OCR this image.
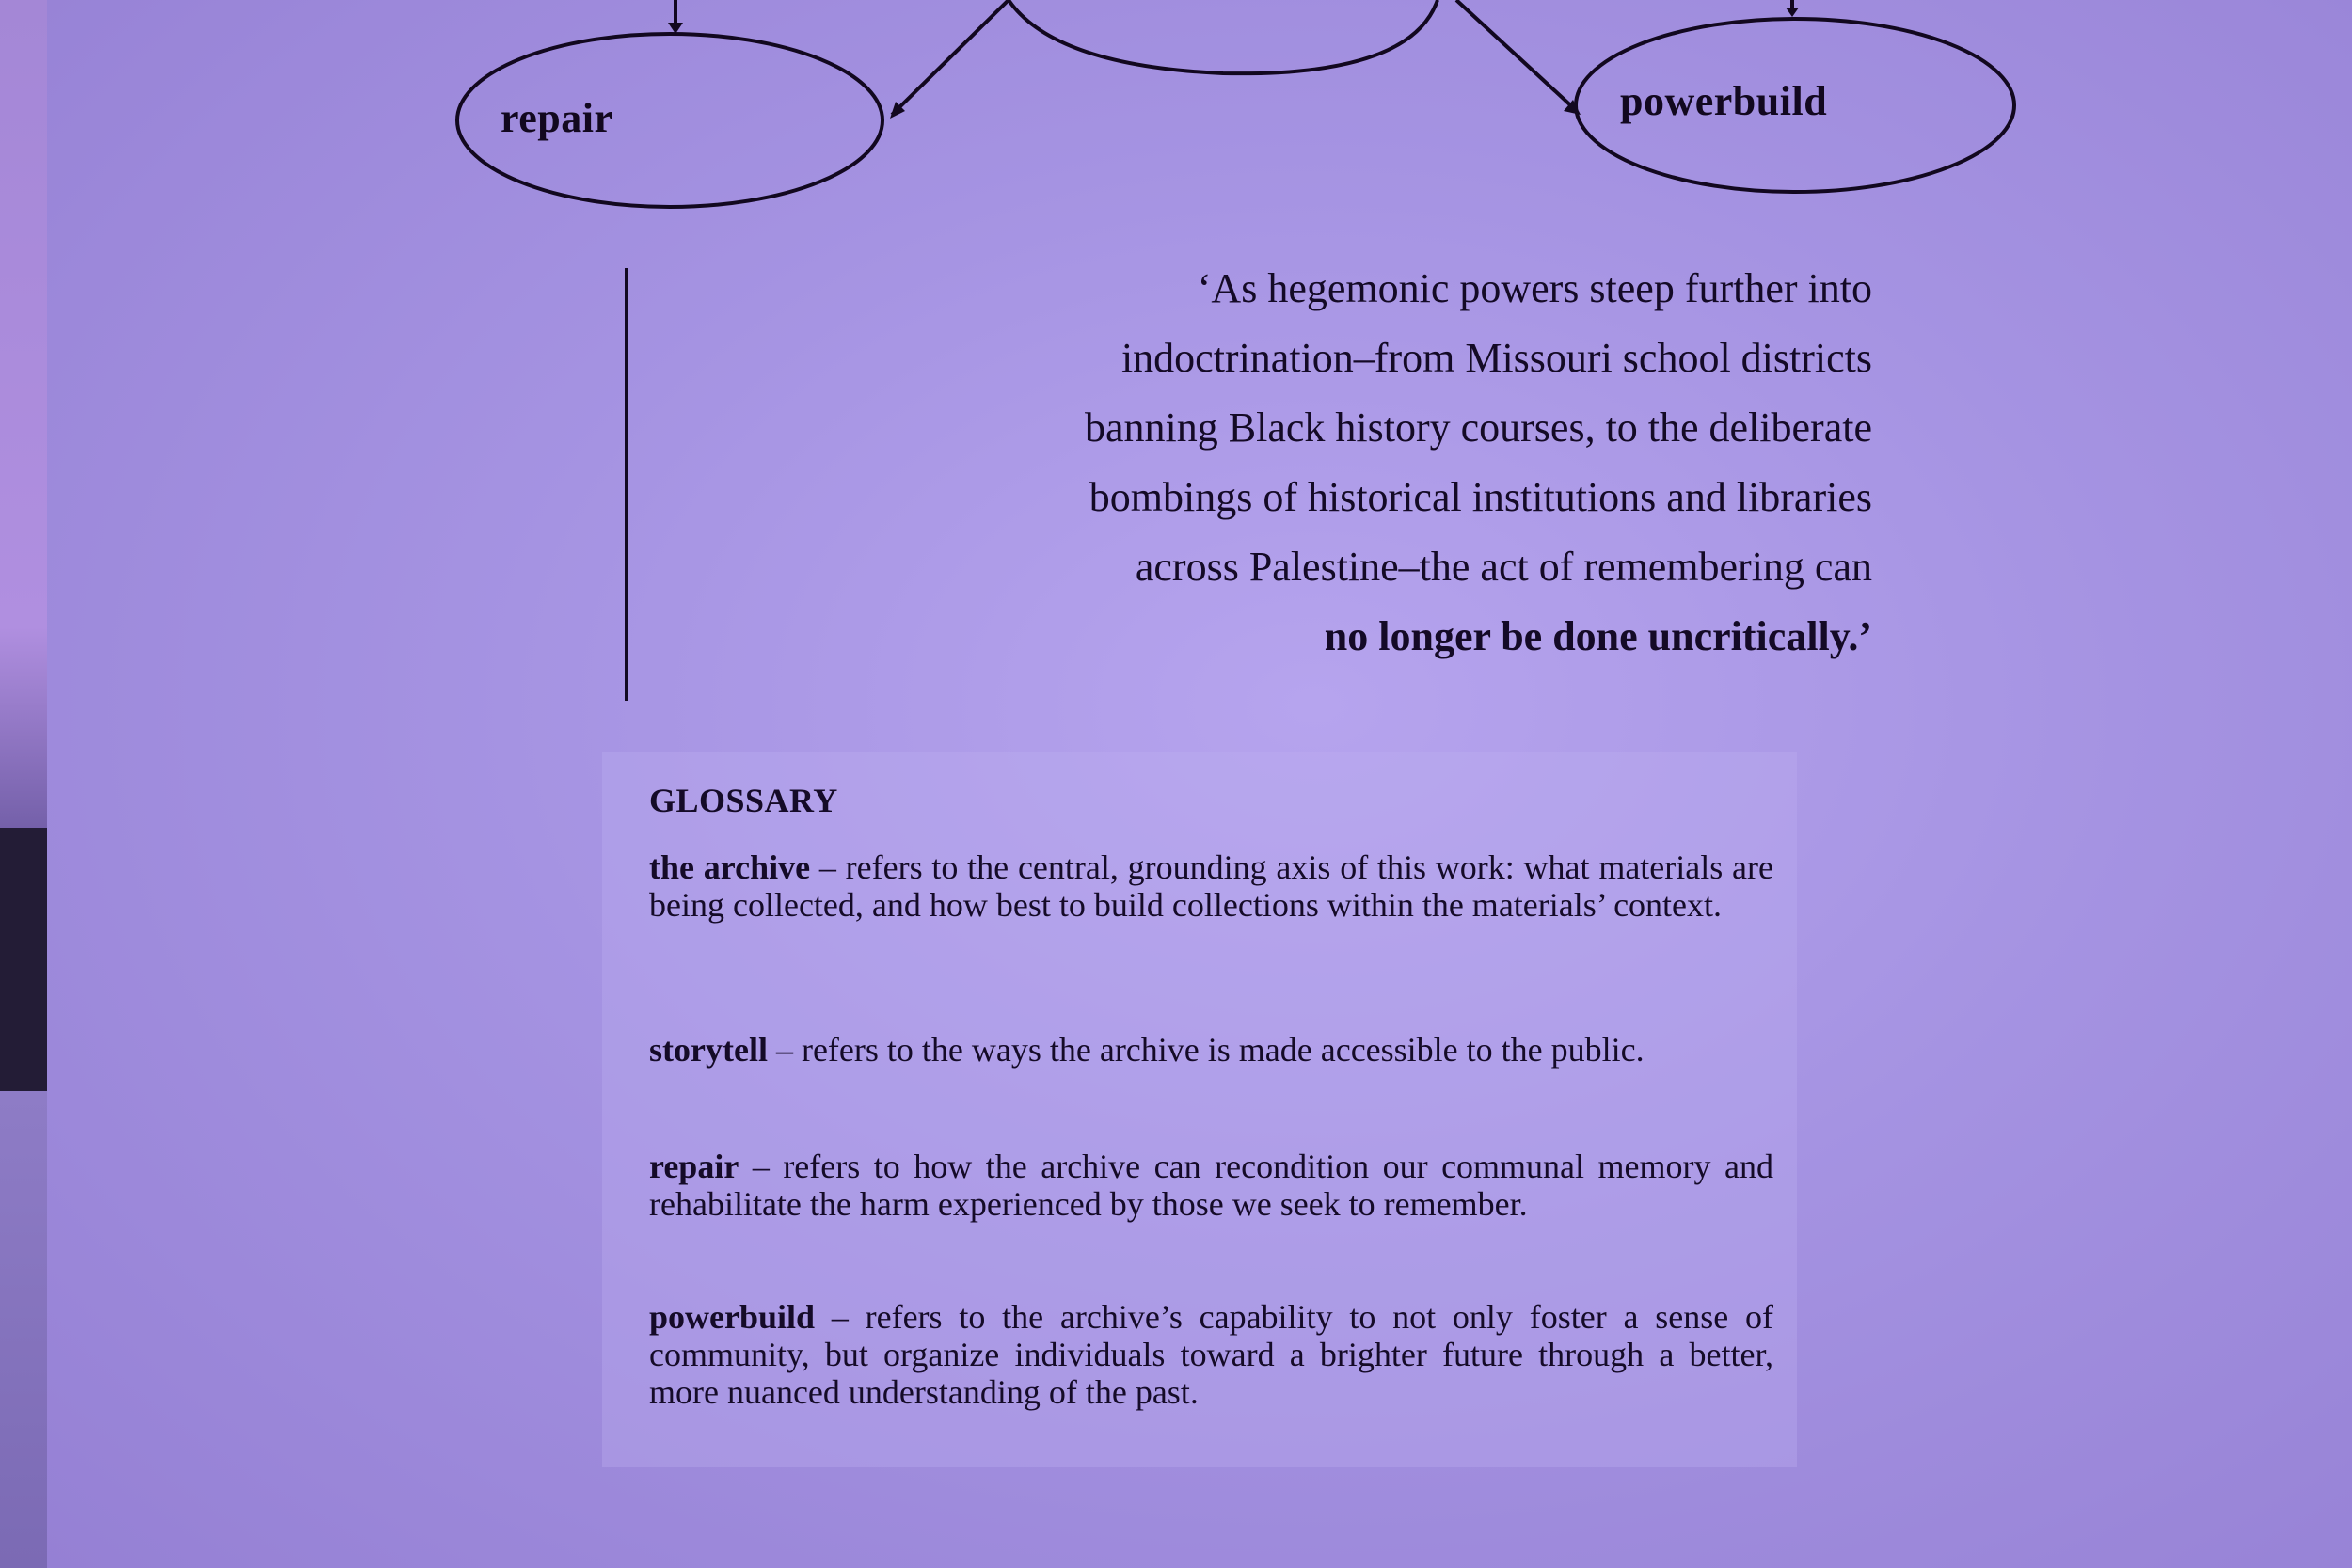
repair	powerbuild
‘As hegemonic powers steep further into
indoctrination–from Missouri school districts
banning Black history courses, to the deliberate
bombings of historical institutions and libraries
across Palestine–the act of remembering can
no longer be done uncritically.’
GLOSSARY

the archive – refers to the central, grounding axis of this work: what materials are being collected, and how best to build collections within the materials’ context.

storytell – refers to the ways the archive is made accessible to the public.

repair – refers to how the archive can recondition our communal memory and rehabilitate the harm experienced by those we seek to remember.

powerbuild – refers to the archive’s capability to not only foster a sense of community, but organize individuals toward a brighter future through a better, more nuanced understanding of the past.
